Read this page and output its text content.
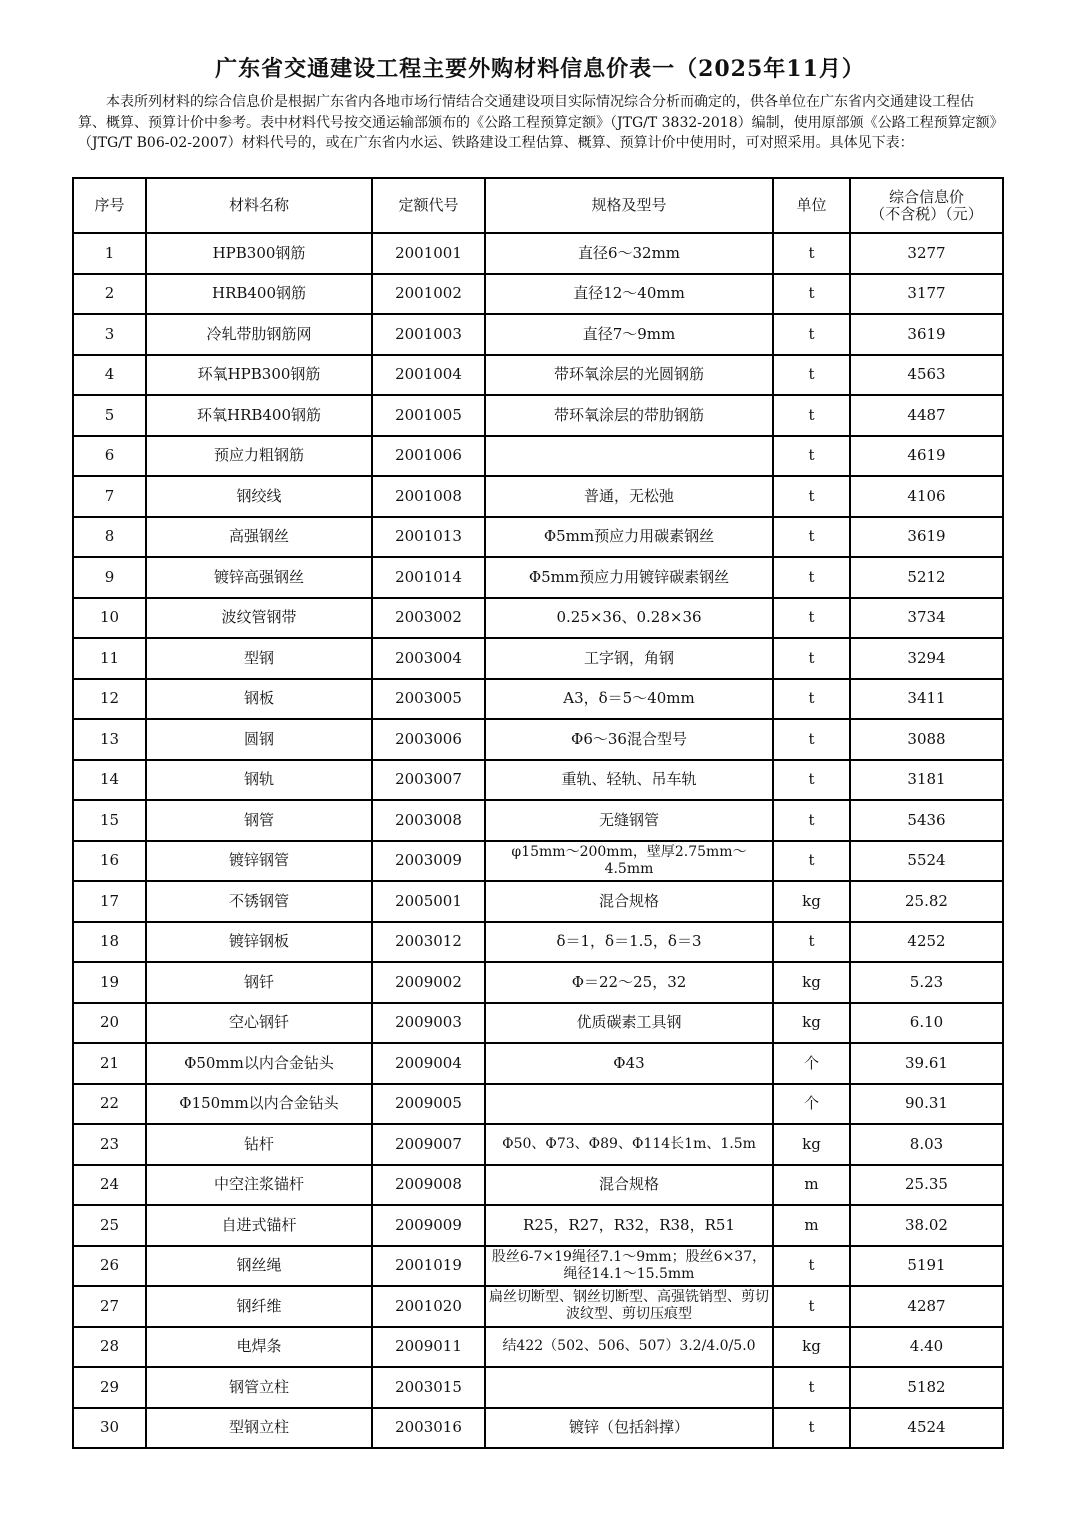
广东省交通建设工程主要外购材料信息价表一（2025年11月）

本表所列材料的综合信息价是根据广东省内各地市场行情结合交通建设项目实际情况综合分析而确定的，供各单位在广东省内交通建设工程估算、概算、预算计价中参考。表中材料代号按交通运输部颁布的《公路工程预算定额》（JTG/T 3832-2018）编制，使用原部颁《公路工程预算定额》（JTG/T B06-02-2007）材料代号的，或在广东省内水运、铁路建设工程估算、概算、预算计价中使用时，可对照采用。具体见下表：

序号	材料名称	定额代号	规格及型号	单位	综合信息价
（不含税）（元）

1	HPB300钢筋	2001001	直径6～32mm	t	3277
2	HRB400钢筋	2001002	直径12～40mm	t	3177
3	冷轧带肋钢筋网	2001003	直径7～9mm	t	3619
4	环氧HPB300钢筋	2001004	带环氧涂层的光圆钢筋	t	4563
5	环氧HRB400钢筋	2001005	带环氧涂层的带肋钢筋	t	4487
6	预应力粗钢筋	2001006		t	4619
7	钢绞线	2001008	普通，无松弛	t	4106
8	高强钢丝	2001013	Φ5mm预应力用碳素钢丝	t	3619
9	镀锌高强钢丝	2001014	Φ5mm预应力用镀锌碳素钢丝	t	5212
10	波纹管钢带	2003002	0.25×36、0.28×36	t	3734
11	型钢	2003004	工字钢，角钢	t	3294
12	钢板	2003005	A3，δ＝5～40mm	t	3411
13	圆钢	2003006	Φ6～36混合型号	t	3088
14	钢轨	2003007	重轨、轻轨、吊车轨	t	3181
15	钢管	2003008	无缝钢管	t	5436
16	镀锌钢管	2003009	φ15mm～200mm，壁厚2.75mm～4.5mm	t	5524
17	不锈钢管	2005001	混合规格	kg	25.82
18	镀锌钢板	2003012	δ＝1，δ＝1.5，δ＝3	t	4252
19	钢钎	2009002	Φ＝22～25，32	kg	5.23
20	空心钢钎	2009003	优质碳素工具钢	kg	6.10
21	Φ50mm以内合金钻头	2009004	Φ43	个	39.61
22	Φ150mm以内合金钻头	2009005		个	90.31
23	钻杆	2009007	Φ50、Φ73、Φ89、Φ114长1m、1.5m	kg	8.03
24	中空注浆锚杆	2009008	混合规格	m	25.35
25	自进式锚杆	2009009	R25，R27，R32，R38，R51	m	38.02
26	钢丝绳	2001019	股丝6-7×19绳径7.1～9mm；股丝6×37，绳径14.1～15.5mm	t	5191
27	钢纤维	2001020	扁丝切断型、钢丝切断型、高强铣销型、剪切波纹型、剪切压痕型	t	4287
28	电焊条	2009011	结422（502、506、507）3.2/4.0/5.0	kg	4.40
29	钢管立柱	2003015		t	5182
30	型钢立柱	2003016	镀锌（包括斜撑）	t	4524
